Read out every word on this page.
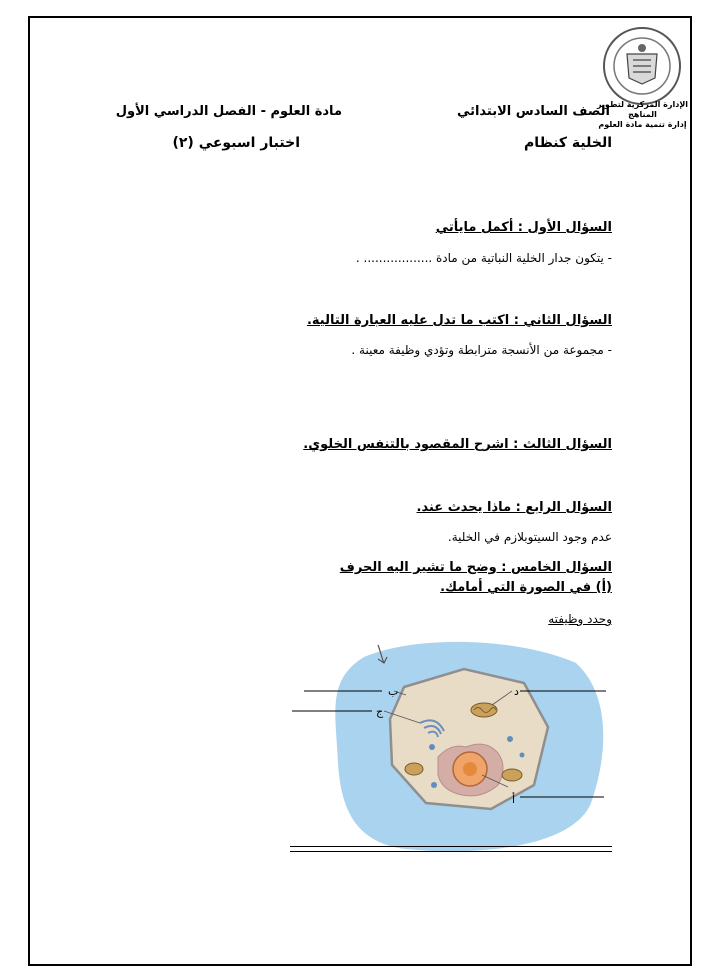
الإدارة المركزية لتطوير المناهج
إدارة تنمية مادة العلوم
الصف السادس الابتدائي
مادة العلوم - الفصل الدراسي الأول
الخلية كنظام
اختبار اسبوعي (٢)
السؤال الأول : أكمل مايأتي
- يتكون جدار الخلية النباتية من مادة .................. .
السؤال الثاني : اكتب ما تدل عليه العبارة التالية.
- مجموعة من الأنسجة مترابطة وتؤدي وظيفة معينة .
السؤال الثالث : اشرح المقصود بالتنفس الخلوي.
السؤال الرابع : ماذا يحدث عند.
عدم وجود السيتوبلازم في الخلية.
السؤال الخامس : وضح ما تشير اليه الحرف
(أ) في الصورة التي أمامك.
وحدد وظيفته
ب
ج
د
أ
